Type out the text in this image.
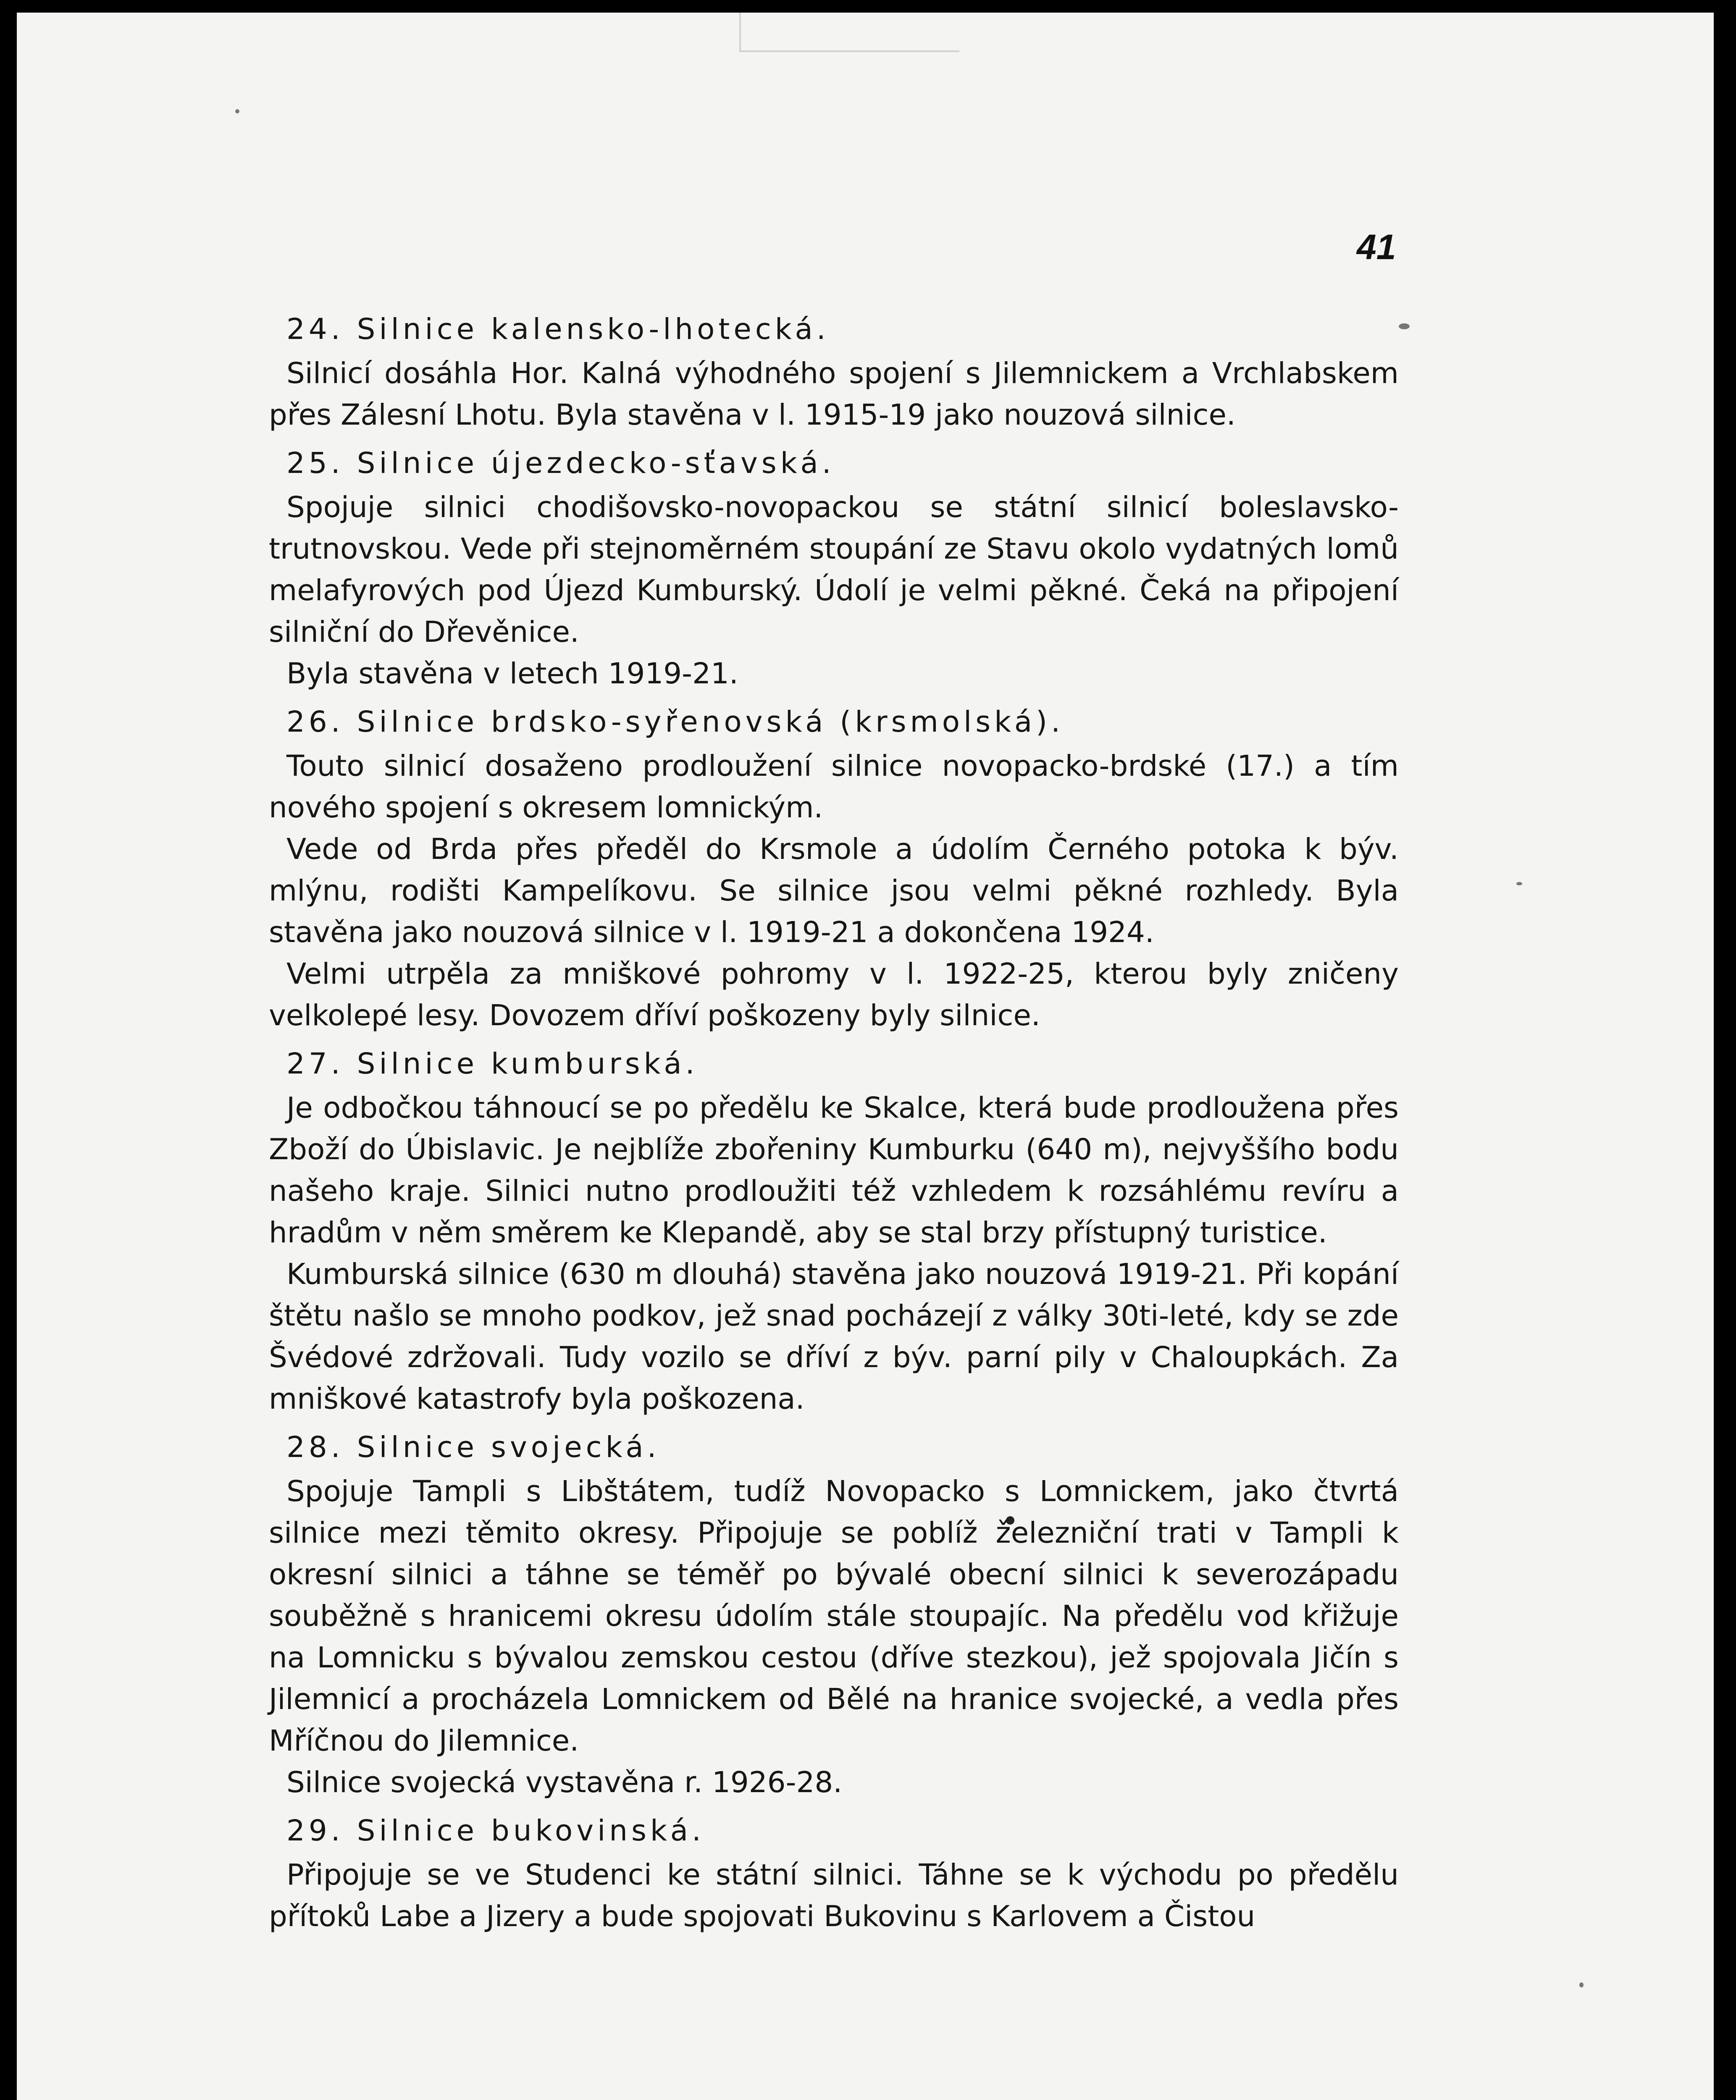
41
24. Silnice kalensko-lhotecká.

Silnicí dosáhla Hor. Kalná výhodného spojení s Jilemnickem a Vrchlabskem přes Zálesní Lhotu. Byla stavěna v l. 1915-19 jako nouzová silnice.

25. Silnice újezdecko-sťavská.

Spojuje silnici chodišovsko-novopackou se státní silnicí boleslavsko-trutnovskou. Vede při stejnoměrném stoupání ze Stavu okolo vydatných lomů melafyrových pod Újezd Kumburský. Údolí je velmi pěkné. Čeká na připojení silniční do Dřevěnice.

Byla stavěna v letech 1919-21.

26. Silnice brdsko-syřenovská (krsmolská).

Touto silnicí dosaženo prodloužení silnice novopacko-brdské (17.) a tím nového spojení s okresem lomnickým.

Vede od Brda přes předěl do Krsmole a údolím Černého potoka k býv. mlýnu, rodišti Kampelíkovu. Se silnice jsou velmi pěkné rozhledy. Byla stavěna jako nouzová silnice v l. 1919-21 a dokončena 1924.

Velmi utrpěla za mniškové pohromy v l. 1922-25, kterou byly zničeny velkolepé lesy. Dovozem dříví poškozeny byly silnice.

27. Silnice kumburská.

Je odbočkou táhnoucí se po předělu ke Skalce, která bude prodloužena přes Zboží do Úbislavic. Je nejblíže zbořeniny Kumburku (640 m), nejvyššího bodu našeho kraje. Silnici nutno prodloužiti též vzhledem k rozsáhlému revíru a hradům v něm směrem ke Klepandě, aby se stal brzy přístupný turistice.

Kumburská silnice (630 m dlouhá) stavěna jako nouzová 1919-21. Při kopání štětu našlo se mnoho podkov, jež snad pocházejí z války 30ti-leté, kdy se zde Švédové zdržovali. Tudy vozilo se dříví z býv. parní pily v Chaloupkách. Za mniškové katastrofy byla poškozena.

28. Silnice svojecká.

Spojuje Tampli s Libštátem, tudíž Novopacko s Lomnickem, jako čtvrtá silnice mezi těmito okresy. Připojuje se poblíž železniční trati v Tampli k okresní silnici a táhne se téměř po bývalé obecní silnici k severozápadu souběžně s hranicemi okresu údolím stále stoupajíc. Na předělu vod křižuje na Lomnicku s bývalou zemskou cestou (dříve stezkou), jež spojovala Jičín s Jilemnicí a procházela Lomnickem od Bělé na hranice svojecké, a vedla přes Mříčnou do Jilemnice.

Silnice svojecká vystavěna r. 1926-28.

29. Silnice bukovinská.

Připojuje se ve Studenci ke státní silnici. Táhne se k východu po předělu přítoků Labe a Jizery a bude spojovati Bukovinu s Karlovem a Čistou
